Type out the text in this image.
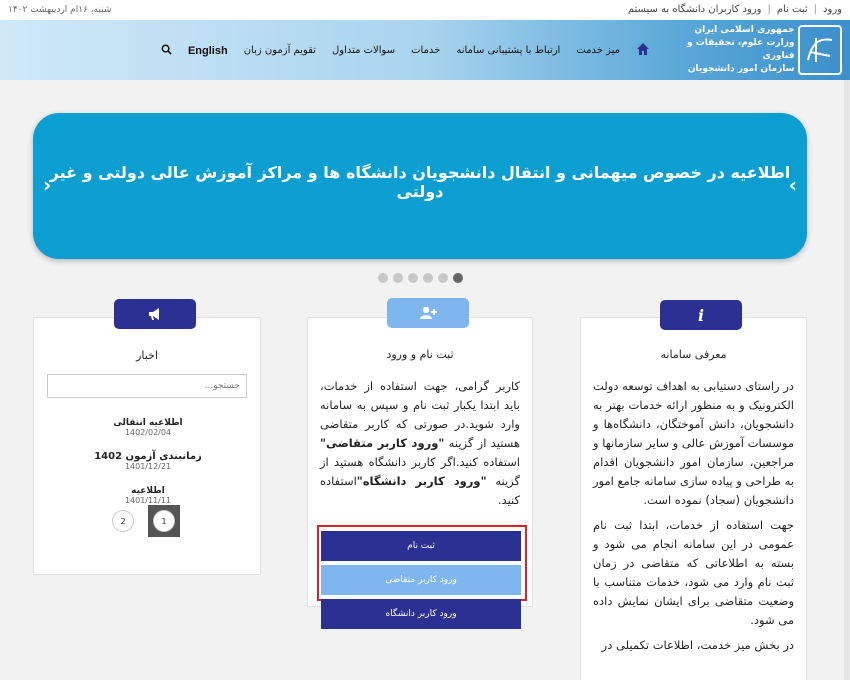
ورود
|
ثبت نام
|
ورود کاربران دانشگاه به سیستم
شنبه، ۱۶ام اردیبهشت ۱۴۰۲
جمهوری اسلامی ایران
وزارت علوم، تحقیقات و فناوری
سازمان امور دانشجویان
میز خدمت
ارتباط با پشتیبانی سامانه
خدمات
سوالات متداول
تقویم آزمون زبان
English
اطلاعیه در خصوص میهمانی و انتقال دانشجویان دانشگاه ها و مراکز آموزش عالی دولتی و غیر دولتی	›
‹
i
معرفی سامانه

در راستای دستیابی به اهداف توسعه دولت الکترونیک و به منظور ارائه خدمات بهتر به دانشجویان، دانش آموختگان، دانشگاه‌ها و موسسات آموزش عالی و سایر سازمانها و مراجعین، سازمان امور دانشجویان اقدام به طراحی و پیاده سازی سامانه جامع امور دانشجویان (سجاد) نموده است.

جهت استفاده از خدمات، ابتدا ثبت نام عمومی در این سامانه انجام می شود و بسته به اطلاعاتی که متقاضی در زمان ثبت نام وارد می شود، خدمات متناسب با وضعیت متقاضی برای ایشان نمایش داده می شود.

در بخش میز خدمت، اطلاعات تکمیلی در

ثبت نام و ورود
کاربر گرامی، جهت استفاده از خدمات، باید ابتدا یکبار ثبت نام و سپس به سامانه وارد شوید.در صورتی که کاربر متقاضی هستید از گزینه "ورود کاربر متقاضی" استفاده کنید.اگر کاربر دانشگاه هستید از گزینه "ورود کاربر دانشگاه"استفاده کنید.
ثبت نام
ورود کاربر متقاضی
ورود کاربر دانشگاه
اخبار
جستجو...
اطلاعیه انتقالی
1402/02/04
زمانبندی آزمون 1402
1401/12/21
اطلاعیه
1401/11/11
2	1
